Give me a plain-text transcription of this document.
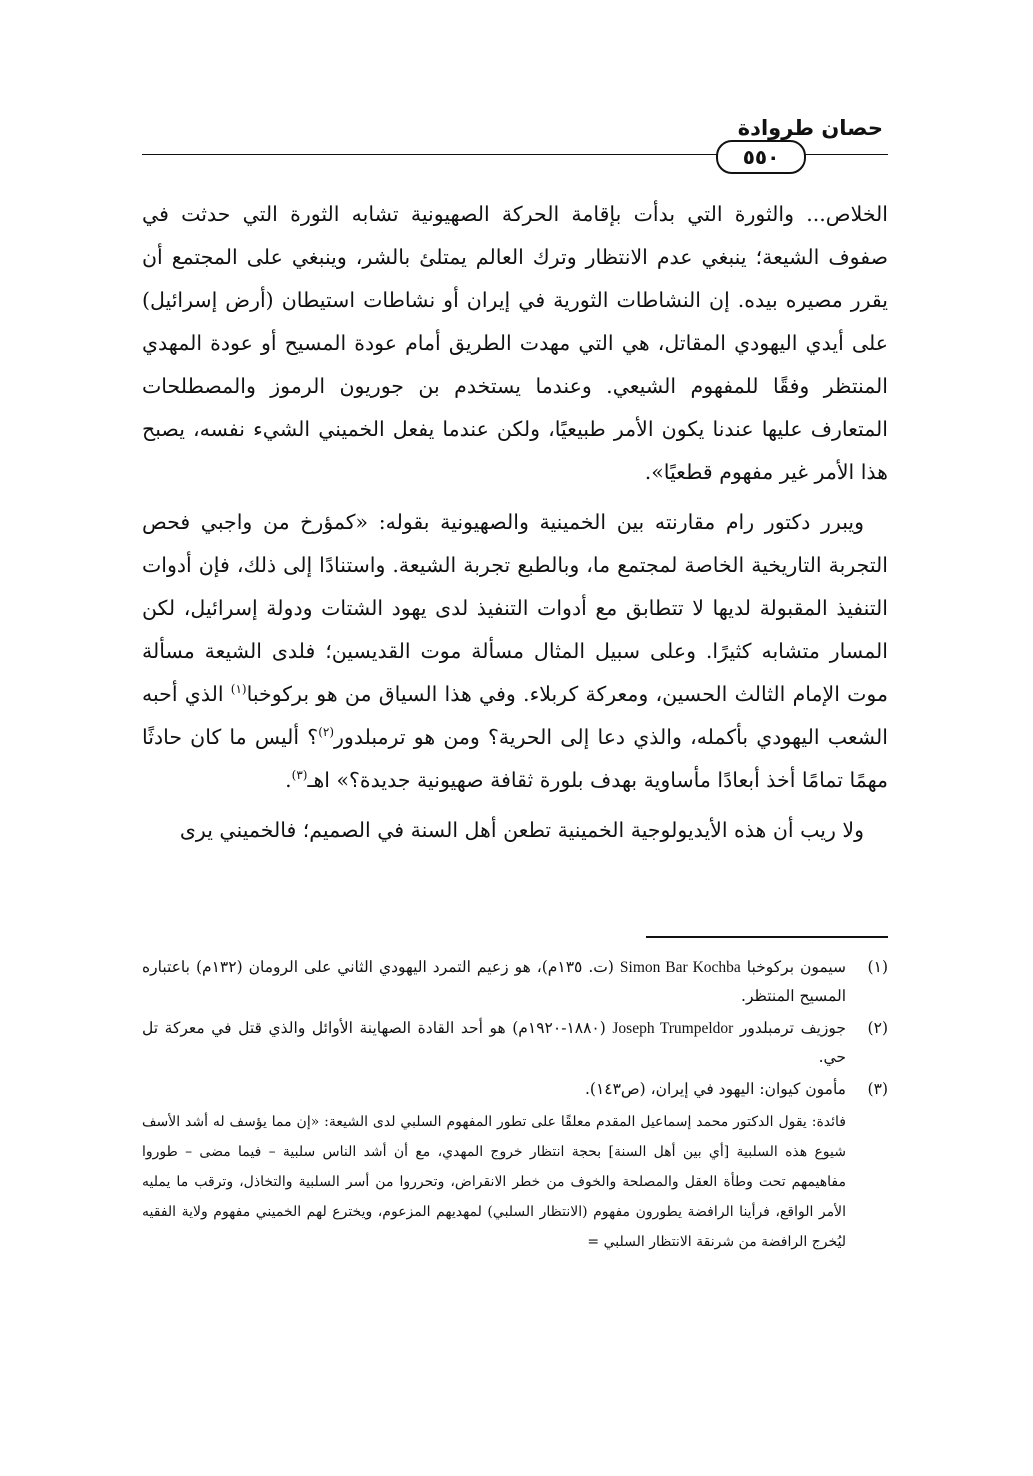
حصان طروادة
٥٥٠

الخلاص... والثورة التي بدأت بإقامة الحركة الصهيونية تشابه الثورة التي حدثت في صفوف الشيعة؛ ينبغي عدم الانتظار وترك العالم يمتلئ بالشر، وينبغي على المجتمع أن يقرر مصيره بيده. إن النشاطات الثورية في إيران أو نشاطات استيطان (أرض إسرائيل) على أيدي اليهودي المقاتل، هي التي مهدت الطريق أمام عودة المسيح أو عودة المهدي المنتظر وفقًا للمفهوم الشيعي. وعندما يستخدم بن جوريون الرموز والمصطلحات المتعارف عليها عندنا يكون الأمر طبيعيًا، ولكن عندما يفعل الخميني الشيء نفسه، يصبح هذا الأمر غير مفهوم قطعيًا».

ويبرر دكتور رام مقارنته بين الخمينية والصهيونية بقوله: «كمؤرخ من واجبي فحص التجربة التاريخية الخاصة لمجتمع ما، وبالطبع تجربة الشيعة. واستنادًا إلى ذلك، فإن أدوات التنفيذ المقبولة لديها لا تتطابق مع أدوات التنفيذ لدى يهود الشتات ودولة إسرائيل، لكن المسار متشابه كثيرًا. وعلى سبيل المثال مسألة موت القديسين؛ فلدى الشيعة مسألة موت الإمام الثالث الحسين، ومعركة كربلاء. وفي هذا السياق من هو بركوخبا$^{(١)}$ الذي أحبه الشعب اليهودي بأكمله، والذي دعا إلى الحرية؟ ومن هو ترمبلدور$^{(٢)}$؟ أليس ما كان حادثًا مهمًا تمامًا أخذ أبعادًا مأساوية بهدف بلورة ثقافة صهيونية جديدة؟» اهـ$^{(٣)}$.

ولا ريب أن هذه الأيديولوجية الخمينية تطعن أهل السنة في الصميم؛ فالخميني يرى

(١)
سيمون بركوخبا Simon Bar Kochba (ت. ١٣٥م)، هو زعيم التمرد اليهودي الثاني على الرومان (١٣٢م) باعتباره المسيح المنتظر.
(٢)
جوزيف ترمبلدور Joseph Trumpeldor (١٨٨٠-١٩٢٠م) هو أحد القادة الصهاينة الأوائل والذي قتل في معركة تل حي.
(٣)
مأمون كيوان: اليهود في إيران، (ص١٤٣).
فائدة: يقول الدكتور محمد إسماعيل المقدم معلقًا على تطور المفهوم السلبي لدى الشيعة: «إن مما يؤسف له أشد الأسف شيوع هذه السلبية [أي بين أهل السنة] بحجة انتظار خروج المهدي، مع أن أشد الناس سلبية – فيما مضى – طوروا مفاهيمهم تحت وطأة العقل والمصلحة والخوف من خطر الانقراض، وتحرروا من أسر السلبية والتخاذل، وترقب ما يمليه الأمر الواقع، فرأينا الرافضة يطورون مفهوم (الانتظار السلبي) لمهديهم المزعوم، ويخترع لهم الخميني مفهوم ولاية الفقيه ليُخرج الرافضة من شرنقة الانتظار السلبي =
